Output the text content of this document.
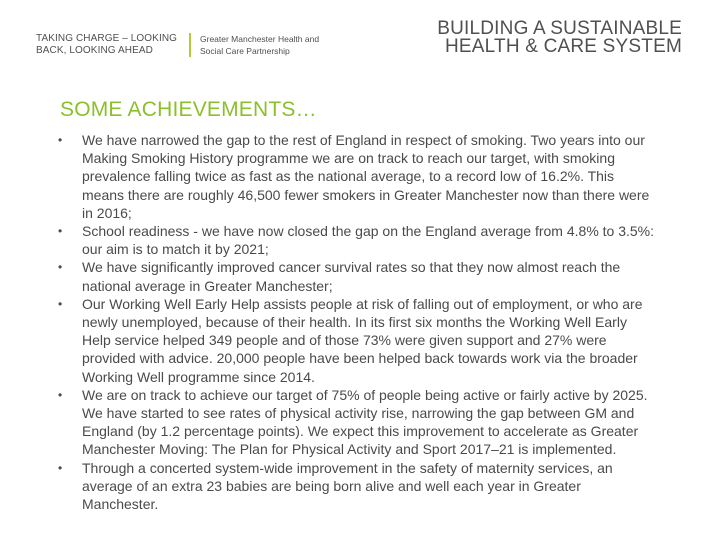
TAKING CHARGE – LOOKING BACK, LOOKING AHEAD
Greater Manchester Health and Social Care Partnership
BUILDING A SUSTAINABLE HEALTH & CARE SYSTEM
SOME ACHIEVEMENTS…
• We have narrowed the gap to the rest of England in respect of smoking. Two years into our Making Smoking History programme we are on track to reach our target, with smoking prevalence falling twice as fast as the national average, to a record low of 16.2%. This means there are roughly 46,500 fewer smokers in Greater Manchester now than there were in 2016;
• School readiness - we have now closed the gap on the England average from 4.8% to 3.5%: our aim is to match it by 2021;
• We have significantly improved cancer survival rates so that they now almost reach the national average in Greater Manchester;
• Our Working Well Early Help assists people at risk of falling out of employment, or who are newly unemployed, because of their health. In its first six months the Working Well Early Help service helped 349 people and of those 73% were given support and 27% were provided with advice. 20,000 people have been helped back towards work via the broader Working Well programme since 2014.
• We are on track to achieve our target of 75% of people being active or fairly active by 2025. We have started to see rates of physical activity rise, narrowing the gap between GM and England (by 1.2 percentage points). We expect this improvement to accelerate as Greater Manchester Moving: The Plan for Physical Activity and Sport 2017–21 is implemented.
• Through a concerted system-wide improvement in the safety of maternity services, an average of an extra 23 babies are being born alive and well each year in Greater Manchester.
